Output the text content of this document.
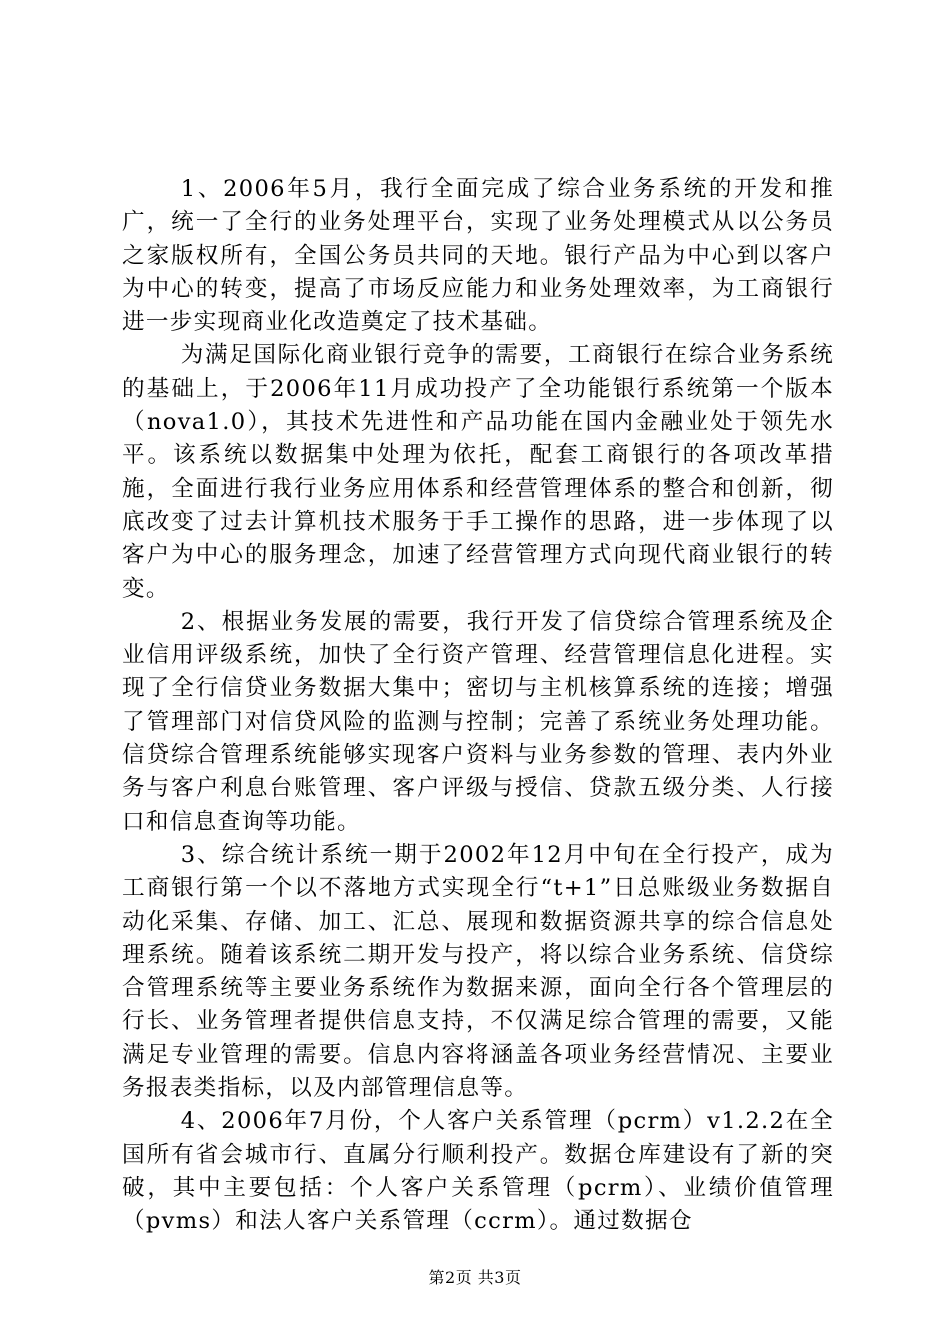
1、2006年5月，我行全面完成了综合业务系统的开发和推广，统一了全行的业务处理平台，实现了业务处理模式从以公务员之家版权所有，全国公务员共同的天地。银行产品为中心到以客户为中心的转变，提高了市场反应能力和业务处理效率，为工商银行进一步实现商业化改造奠定了技术基础。

为满足国际化商业银行竞争的需要，工商银行在综合业务系统的基础上，于2006年11月成功投产了全功能银行系统第一个版本（nova1.0），其技术先进性和产品功能在国内金融业处于领先水平。该系统以数据集中处理为依托，配套工商银行的各项改革措施，全面进行我行业务应用体系和经营管理体系的整合和创新，彻底改变了过去计算机技术服务于手工操作的思路，进一步体现了以客户为中心的服务理念，加速了经营管理方式向现代商业银行的转变。

2、根据业务发展的需要，我行开发了信贷综合管理系统及企业信用评级系统，加快了全行资产管理、经营管理信息化进程。实现了全行信贷业务数据大集中；密切与主机核算系统的连接；增强了管理部门对信贷风险的监测与控制；完善了系统业务处理功能。信贷综合管理系统能够实现客户资料与业务参数的管理、表内外业务与客户利息台账管理、客户评级与授信、贷款五级分类、人行接口和信息查询等功能。

3、综合统计系统一期于2002年12月中旬在全行投产，成为工商银行第一个以不落地方式实现全行“t+1”日总账级业务数据自动化采集、存储、加工、汇总、展现和数据资源共享的综合信息处理系统。随着该系统二期开发与投产，将以综合业务系统、信贷综合管理系统等主要业务系统作为数据来源，面向全行各个管理层的行长、业务管理者提供信息支持，不仅满足综合管理的需要，又能满足专业管理的需要。信息内容将涵盖各项业务经营情况、主要业务报表类指标，以及内部管理信息等。

4、2006年7月份，个人客户关系管理（pcrm）v1.2.2在全国所有省会城市行、直属分行顺利投产。数据仓库建设有了新的突破，其中主要包括：个人客户关系管理（pcrm）、业绩价值管理（pvms）和法人客户关系管理（ccrm）。通过数据仓

第2页 共3页
